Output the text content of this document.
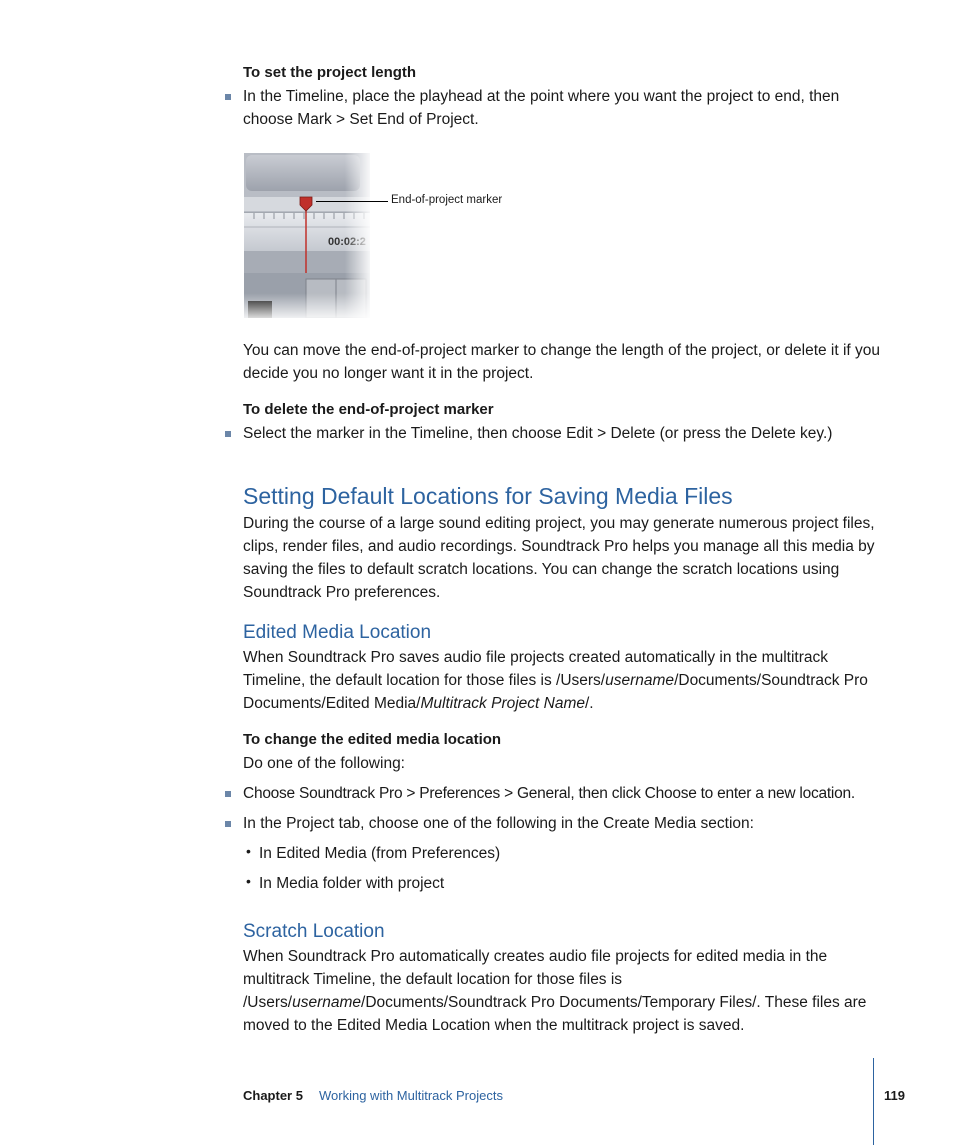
To set the project length
In the Timeline, place the playhead at the point where you want the project to end, then choose Mark > Set End of Project.
End-of-project marker
You can move the end-of-project marker to change the length of the project, or delete it if you decide you no longer want it in the project.
To delete the end-of-project marker
Select the marker in the Timeline, then choose Edit > Delete (or press the Delete key.)
Setting Default Locations for Saving Media Files
During the course of a large sound editing project, you may generate numerous project files, clips, render files, and audio recordings. Soundtrack Pro helps you manage all this media by saving the files to default scratch locations. You can change the scratch locations using Soundtrack Pro preferences.
Edited Media Location
When Soundtrack Pro saves audio file projects created automatically in the multitrack Timeline, the default location for those files is /Users/username/Documents/Soundtrack Pro Documents/Edited Media/Multitrack Project Name/.
To change the edited media location
Do one of the following:
Choose Soundtrack Pro > Preferences > General, then click Choose to enter a new location.
In the Project tab, choose one of the following in the Create Media section:
• In Edited Media (from Preferences)
• In Media folder with project
Scratch Location
When Soundtrack Pro automatically creates audio file projects for edited media in the multitrack Timeline, the default location for those files is /Users/username/Documents/Soundtrack Pro Documents/Temporary Files/. These files are moved to the Edited Media Location when the multitrack project is saved.
Chapter 5 Working with Multitrack Projects	119
